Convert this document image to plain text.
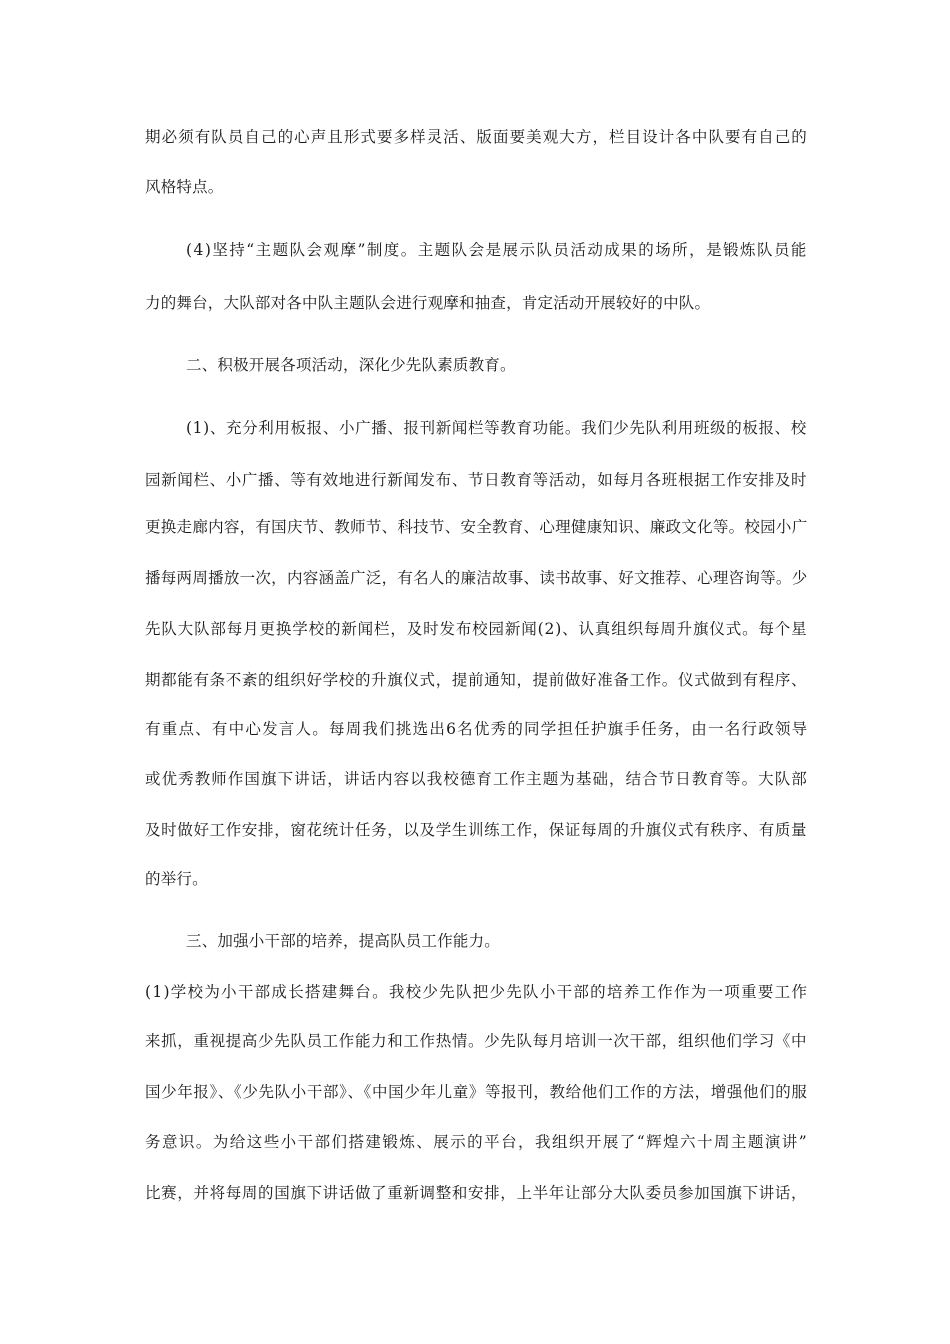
期必须有队员自己的心声且形式要多样灵活、版面要美观大方，栏目设计各中队要有自己的
风格特点。
(4)坚持“主题队会观摩”制度。主题队会是展示队员活动成果的场所，是锻炼队员能
力的舞台，大队部对各中队主题队会进行观摩和抽查，肯定活动开展较好的中队。
二、积极开展各项活动，深化少先队素质教育。
(1)、充分利用板报、小广播、报刊新闻栏等教育功能。我们少先队利用班级的板报、校
园新闻栏、小广播、等有效地进行新闻发布、节日教育等活动，如每月各班根据工作安排及时
更换走廊内容，有国庆节、教师节、科技节、安全教育、心理健康知识、廉政文化等。校园小广
播每两周播放一次，内容涵盖广泛，有名人的廉洁故事、读书故事、好文推荐、心理咨询等。少
先队大队部每月更换学校的新闻栏，及时发布校园新闻(2)、认真组织每周升旗仪式。每个星
期都能有条不紊的组织好学校的升旗仪式，提前通知，提前做好准备工作。仪式做到有程序、
有重点、有中心发言人。每周我们挑选出6名优秀的同学担任护旗手任务，由一名行政领导
或优秀教师作国旗下讲话，讲话内容以我校德育工作主题为基础，结合节日教育等。大队部
及时做好工作安排，窗花统计任务，以及学生训练工作，保证每周的升旗仪式有秩序、有质量
的举行。
三、加强小干部的培养，提高队员工作能力。
(1)学校为小干部成长搭建舞台。我校少先队把少先队小干部的培养工作作为一项重要工作
来抓，重视提高少先队员工作能力和工作热情。少先队每月培训一次干部，组织他们学习《中
国少年报》、《少先队小干部》、《中国少年儿童》等报刊，教给他们工作的方法，增强他们的服
务意识。为给这些小干部们搭建锻炼、展示的平台，我组织开展了“辉煌六十周主题演讲”
比赛，并将每周的国旗下讲话做了重新调整和安排，上半年让部分大队委员参加国旗下讲话，
